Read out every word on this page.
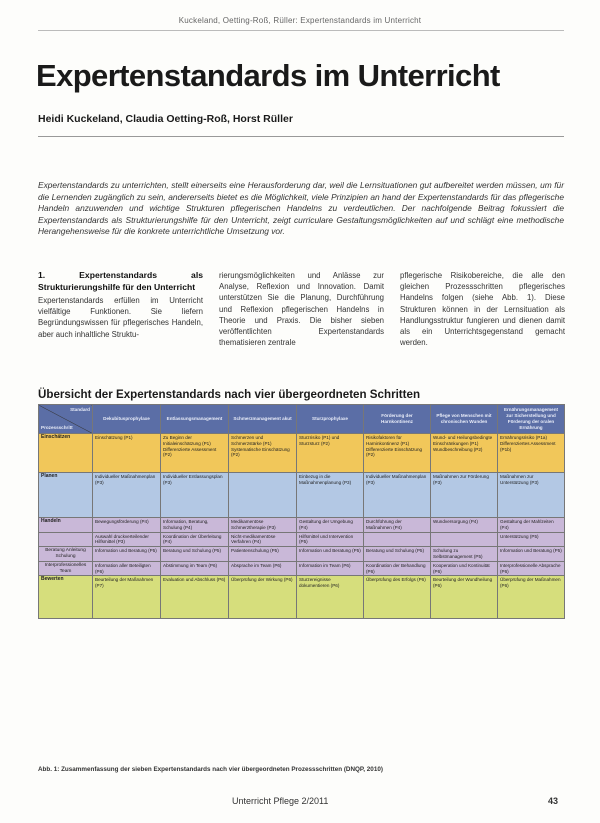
Kuckeland, Oetting-Roß, Rüller: Expertenstandards im Unterricht
Expertenstandards im Unterricht
Heidi Kuckeland, Claudia Oetting-Roß, Horst Rüller
Expertenstandards zu unterrichten, stellt einerseits eine Herausforderung dar, weil die Lernsituationen gut aufbereitet werden müssen, um für die Lernenden zugänglich zu sein, andererseits bietet es die Möglichkeit, viele Prinzipien an hand der Expertenstandards für das pflegerische Handeln anzuwenden und wichtige Strukturen pflegerischen Handelns zu verdeutlichen. Der nachfolgende Beitrag fokussiert die Expertenstandards als Strukturierungshilfe für den Unterricht, zeigt curriculare Gestaltungsmöglichkeiten auf und schlägt eine methodische Herangehensweise für die konkrete unterrichtliche Umsetzung vor.
1. Expertenstandards als Strukturierungshilfe für den Unterricht
Expertenstandards erfüllen im Unterricht vielfältige Funktionen. Sie liefern Begründungswissen für pflegerisches Handeln, aber auch inhaltliche Struktu-
rierungsmöglichkeiten und Anlässe zur Analyse, Reflexion und Innovation. Damit unterstützen Sie die Planung, Durchführung und Reflexion pflegerischen Handelns in Theorie und Praxis. Die bisher sieben veröffentlichten Expertenstandards thematisieren zentrale
pflegerische Risikobereiche, die alle den gleichen Prozessschritten pflegerisches Handelns folgen (siehe Abb. 1). Diese Strukturen können in der Lernsituation als Handlungsstruktur fungieren und dienen damit als ein Unterrichtsgegenstand gemacht werden.
Übersicht der Expertenstandards nach vier übergeordneten Schritten
Standard
Prozessschritt	Dekubitusprophylaxe	Entlassungsmanagement	Schmerzmanagement akut	Sturzprophylaxe	Förderung der Harnkontinenz	Pflege von Menschen mit chronischen Wunden	Ernährungsmanagement zur Sicherstellung und Förderung der oralen Ernährung
Einschätzen	Einschätzung (P1)	Zu Beginn der Initialeinschätzung (P1) Differenzierte Assessment (P2)	Schmerzen und Schmerzstärke (P1) Systematische Einschätzung (P2)	Sturzrisiko (P1) und Sturzsturz (P2)	Risikofaktoren für Harninkontinenz (P1) Differenzierte Einschätzung (P2)	Wund- und Heilungsbedingte Einschränkungen (P1) Wundbeschreibung (P2)	Ernährungsrisiko (P1a) Differenziertes Assessment (P1b)
Planen	Individueller Maßnahmenplan (P3)	Individueller Entlassungsplan (P3)		Einbezug in die Maßnahmenplanung (P3)	Individueller Maßnahmenplan (P3)	Maßnahmen zur Förderung (P3)	Maßnahmen zur Unterstützung (P3)
Handeln	Bewegungsförderung (P4)	Information, Beratung, Schulung (P4)	Medikamentöse Schmerztherapie (P3)	Gestaltung der Umgebung (P4)	Durchführung der Maßnahmen (P4)	Wundversorgung (P4)	Gestaltung der Mahlzeiten (P4)
	Auswahl druckverteilender Hilfsmittel (P3)	Koordination der Überleitung (P4)	Nicht-medikamentöse Verfahren (P4)	Hilfsmittel und Intervention (P5)			Unterstützung (P5)
Beratung Anleitung Schulung	Information und Beratung (P5)	Beratung und Schulung (P5)	Patientenschulung (P5)	Information und Beratung (P5)	Beratung und Schulung (P5)	Schulung zu Selbstmanagement (P5)	Information und Beratung (P5)
Interprofessionelles Team	Information aller Beteiligten (P6)	Abstimmung im Team (P6)	Absprache im Team (P6)	Information im Team (P6)	Koordination der Behandlung (P6)	Kooperation und Kontinuität (P6)	Interprofessionelle Absprache (P6)
Bewerten	Beurteilung der Maßnahmen (P7)	Evaluation und Abschluss (P6)	Überprüfung der Wirkung (P6)	Sturzereignisse dokumentieren (P6)	Überprüfung des Erfolgs (P6)	Beurteilung der Wundheilung (P6)	Überprüfung der Maßnahmen (P6)
Abb. 1: Zusammenfassung der sieben Expertenstandards nach vier übergeordneten Prozessschritten (DNQP, 2010)
Unterricht Pflege 2/2011	43
